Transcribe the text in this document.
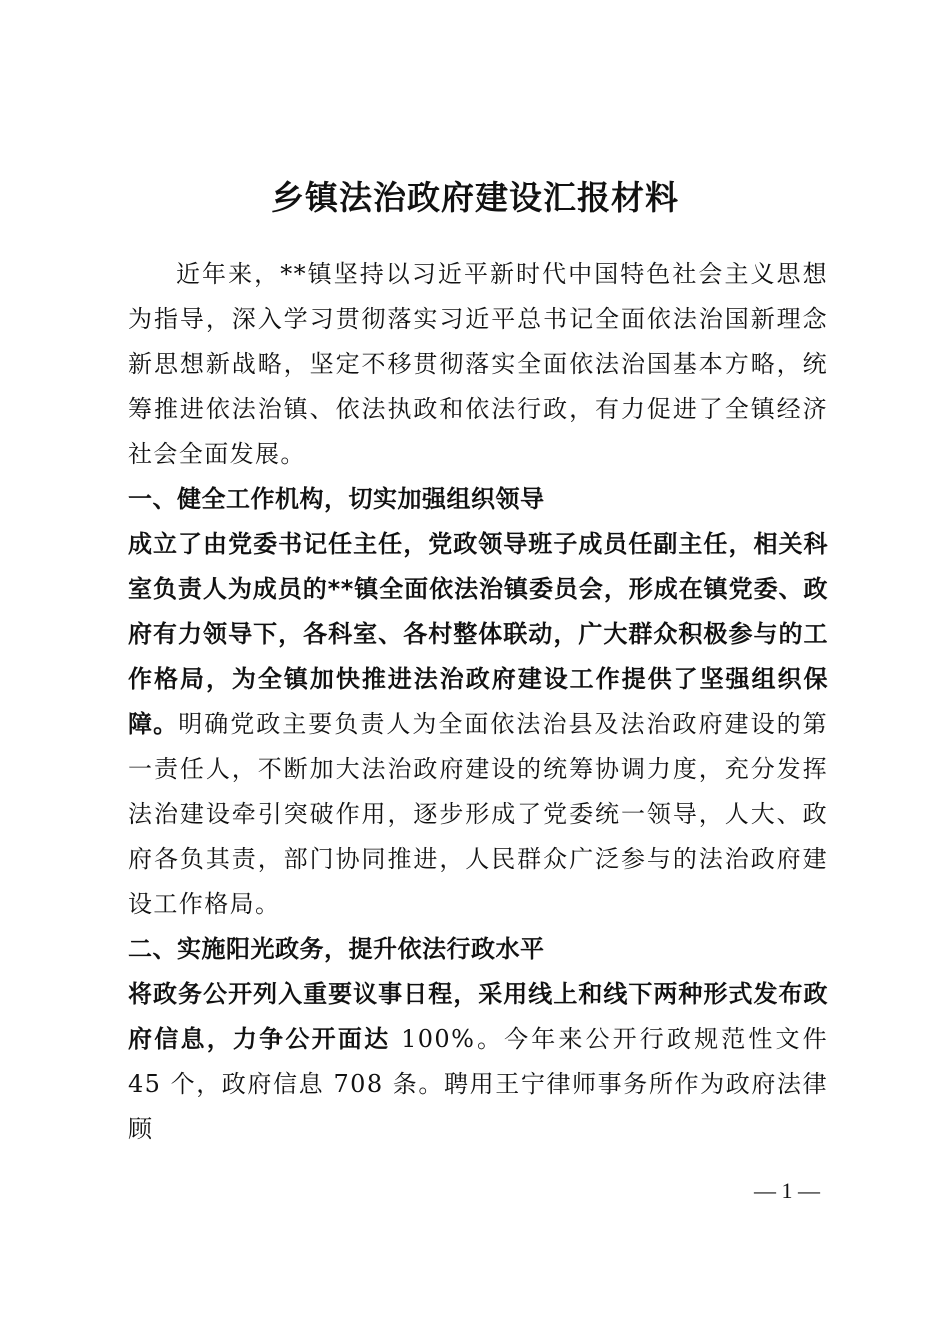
乡镇法治政府建设汇报材料

近年来，**镇坚持以习近平新时代中国特色社会主义思想为指导，深入学习贯彻落实习近平总书记全面依法治国新理念新思想新战略，坚定不移贯彻落实全面依法治国基本方略，统筹推进依法治镇、依法执政和依法行政，有力促进了全镇经济社会全面发展。

一、健全工作机构，切实加强组织领导

成立了由党委书记任主任，党政领导班子成员任副主任，相关科室负责人为成员的**镇全面依法治镇委员会，形成在镇党委、政府有力领导下，各科室、各村整体联动，广大群众积极参与的工作格局，为全镇加快推进法治政府建设工作提供了坚强组织保障。明确党政主要负责人为全面依法治县及法治政府建设的第一责任人，不断加大法治政府建设的统筹协调力度，充分发挥法治建设牵引突破作用，逐步形成了党委统一领导，人大、政府各负其责，部门协同推进，人民群众广泛参与的法治政府建设工作格局。

二、实施阳光政务，提升依法行政水平

将政务公开列入重要议事日程，采用线上和线下两种形式发布政府信息，力争公开面达 100%。今年来公开行政规范性文件 45 个，政府信息 708 条。聘用王宁律师事务所作为政府法律顾

— 1 —
